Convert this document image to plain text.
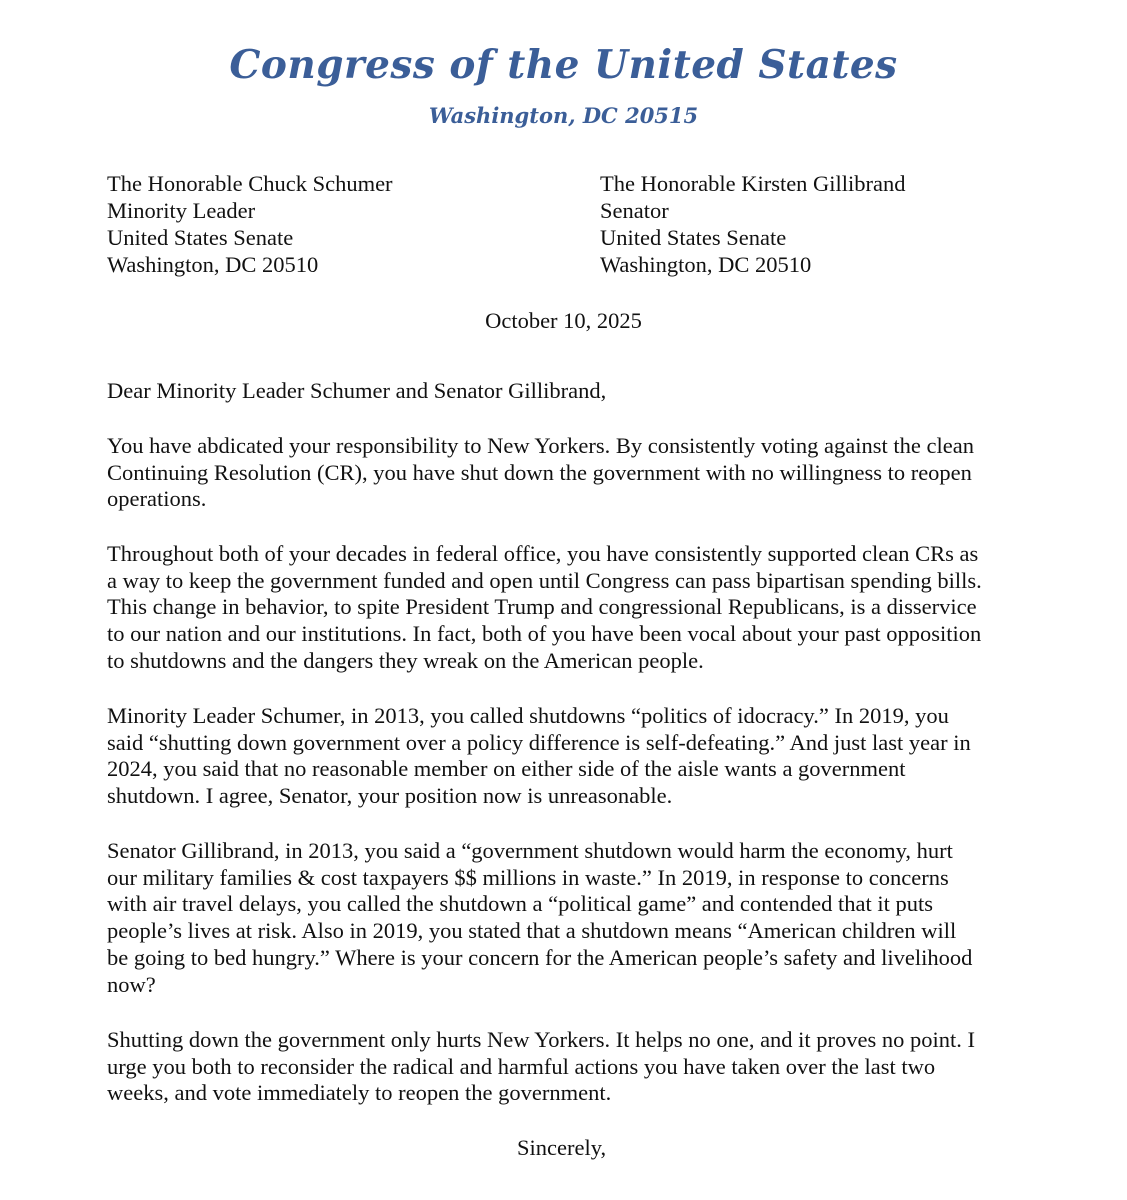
Congress of the United States
Washington, DC 20515
The Honorable Chuck Schumer
Minority Leader
United States Senate
Washington, DC 20510
The Honorable Kirsten Gillibrand
Senator
United States Senate
Washington, DC 20510
October 10, 2025

Dear Minority Leader Schumer and Senator Gillibrand,

You have abdicated your responsibility to New Yorkers. By consistently voting against the clean
Continuing Resolution (CR), you have shut down the government with no willingness to reopen
operations.

Throughout both of your decades in federal office, you have consistently supported clean CRs as
a way to keep the government funded and open until Congress can pass bipartisan spending bills.
This change in behavior, to spite President Trump and congressional Republicans, is a disservice
to our nation and our institutions. In fact, both of you have been vocal about your past opposition
to shutdowns and the dangers they wreak on the American people.

Minority Leader Schumer, in 2013, you called shutdowns “politics of idocracy.” In 2019, you
said “shutting down government over a policy difference is self-defeating.” And just last year in
2024, you said that no reasonable member on either side of the aisle wants a government
shutdown. I agree, Senator, your position now is unreasonable.

Senator Gillibrand, in 2013, you said a “government shutdown would harm the economy, hurt
our military families & cost taxpayers $$ millions in waste.” In 2019, in response to concerns
with air travel delays, you called the shutdown a “political game” and contended that it puts
people’s lives at risk. Also in 2019, you stated that a shutdown means “American children will
be going to bed hungry.” Where is your concern for the American people’s safety and livelihood
now?

Shutting down the government only hurts New Yorkers. It helps no one, and it proves no point. I
urge you both to reconsider the radical and harmful actions you have taken over the last two
weeks, and vote immediately to reopen the government.

Sincerely,
